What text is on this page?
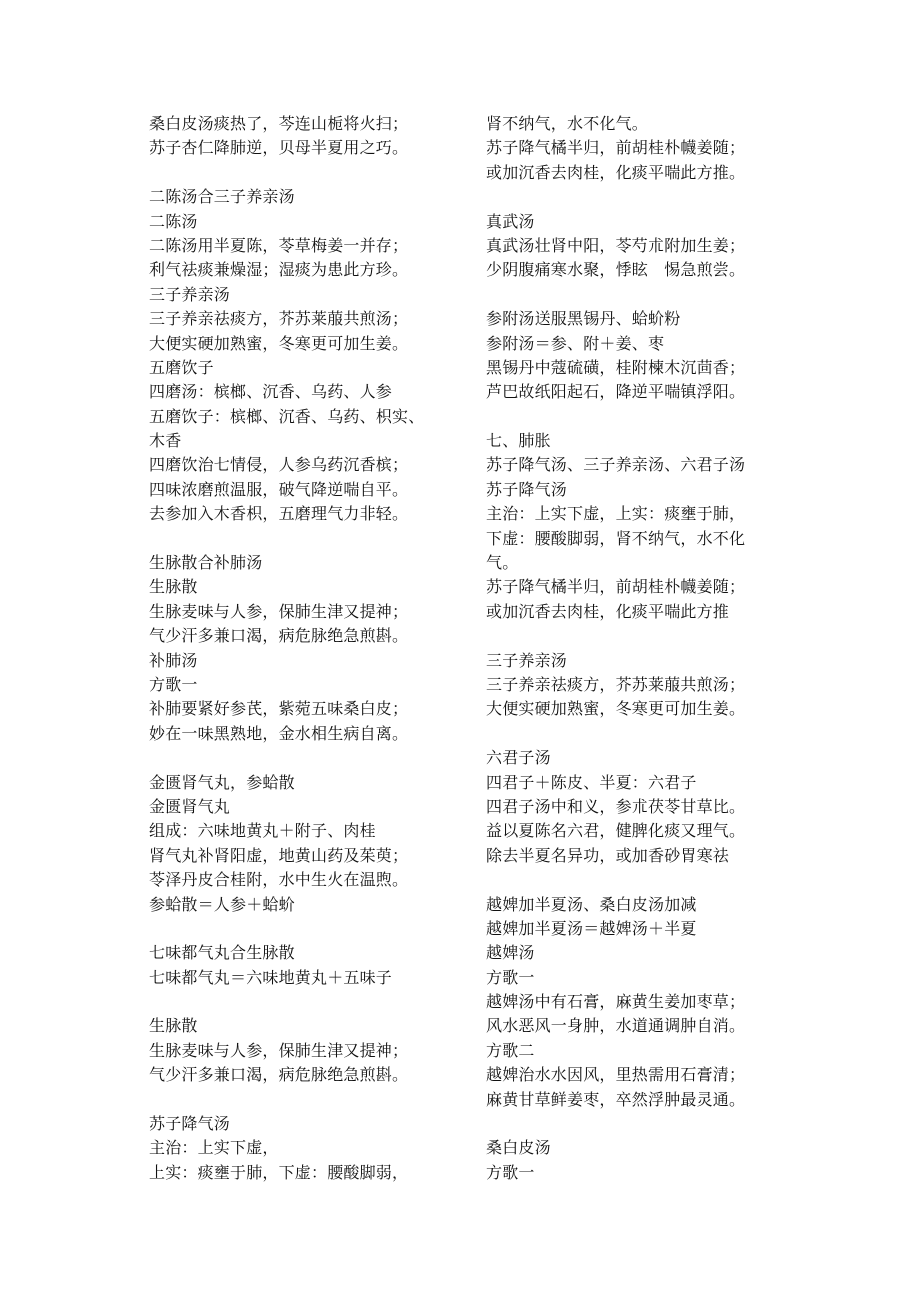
桑白皮汤痰热了，芩连山栀将火扫；
苏子杏仁降肺逆，贝母半夏用之巧。
二陈汤合三子养亲汤
二陈汤
二陈汤用半夏陈，苓草梅姜一并存；
利气祛痰兼燥湿；湿痰为患此方珍。
三子养亲汤
三子养亲祛痰方，芥苏莱菔共煎汤；
大便实硬加熟蜜，冬寒更可加生姜。
五磨饮子
四磨汤：槟榔、沉香、乌药、人参
五磨饮子：槟榔、沉香、乌药、枳实、
木香
四磨饮治七情侵，人参乌药沉香槟；
四味浓磨煎温服，破气降逆喘自平。
去参加入木香枳，五磨理气力非轻。
生脉散合补肺汤
生脉散
生脉麦味与人参，保肺生津又提神；
气少汗多兼口渴，病危脉绝急煎斟。
补肺汤
方歌一
补肺要紧好参芪，紫菀五味桑白皮；
妙在一味黑熟地，金水相生病自离。
金匮肾气丸，参蛤散
金匮肾气丸
组成：六味地黄丸＋附子、肉桂
肾气丸补肾阳虚，地黄山药及茱萸；
苓泽丹皮合桂附，水中生火在温煦。
参蛤散＝人参＋蛤蚧
七味都气丸合生脉散
七味都气丸＝六味地黄丸＋五味子
生脉散
生脉麦味与人参，保肺生津又提神；
气少汗多兼口渴，病危脉绝急煎斟。
苏子降气汤
主治：上实下虚，
上实：痰壅于肺，下虚：腰酸脚弱，
肾不纳气，水不化气。
苏子降气橘半归，前胡桂朴幭姜随；
或加沉香去肉桂，化痰平喘此方推。
真武汤
真武汤壮肾中阳，苓芍朮附加生姜；
少阴腹痛寒水聚，悸眩　惕急煎尝。
参附汤送服黑锡丹、蛤蚧粉
参附汤＝参、附＋姜、枣
黑锡丹中蔻硫磺，桂附楝木沉茴香；
芦巴故纸阳起石，降逆平喘镇浮阳。
七、肺胀
苏子降气汤、三子养亲汤、六君子汤
苏子降气汤
主治：上实下虚，上实：痰壅于肺，
下虚：腰酸脚弱，肾不纳气，水不化
气。
苏子降气橘半归，前胡桂朴幭姜随；
或加沉香去肉桂，化痰平喘此方推
三子养亲汤
三子养亲祛痰方，芥苏莱菔共煎汤；
大便实硬加熟蜜，冬寒更可加生姜。
六君子汤
四君子＋陈皮、半夏：六君子
四君子汤中和义，参朮茯苓甘草比。
益以夏陈名六君，健脾化痰又理气。
除去半夏名异功，或加香砂胃寒祛
越婢加半夏汤、桑白皮汤加减
越婢加半夏汤＝越婢汤＋半夏
越婢汤
方歌一
越婢汤中有石膏，麻黄生姜加枣草；
风水恶风一身肿，水道通调肿自消。
方歌二
越婢治水水因风，里热需用石膏清；
麻黄甘草鲜姜枣，卒然浮肿最灵通。
桑白皮汤
方歌一
